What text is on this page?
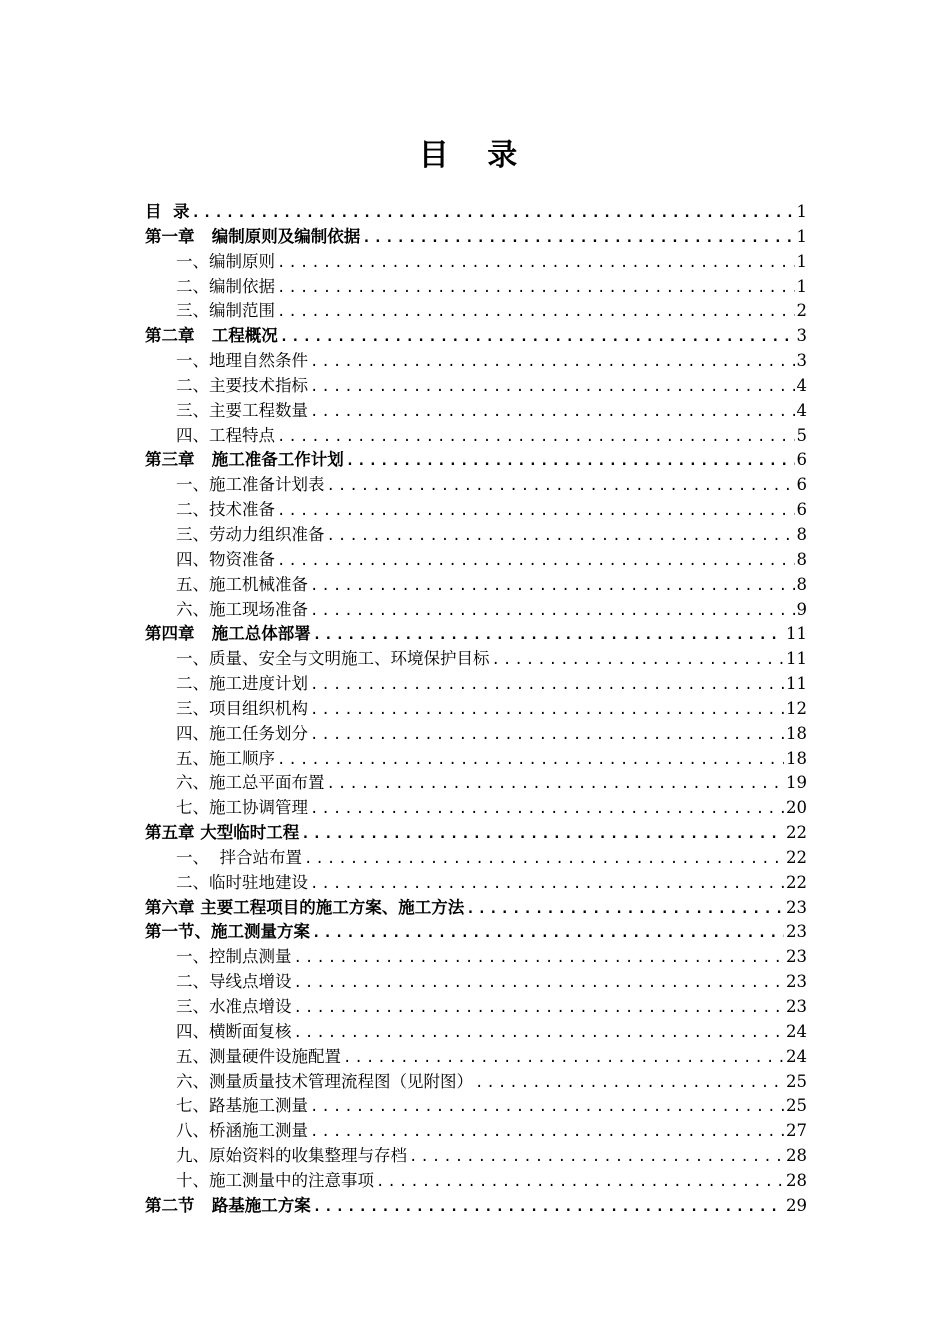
目 录
目  录 .....	1
第一章   编制原则及编制依据 .....	1
一、编制原则 .....	1
二、编制依据 .....	1
三、编制范围 .....	2
第二章   工程概况 .....	3
一、地理自然条件 .....	3
二、主要技术指标 .....	4
三、主要工程数量 .....	4
四、工程特点 .....	5
第三章   施工准备工作计划 .....	6
一、施工准备计划表 .....	6
二、技术准备 .....	6
三、劳动力组织准备 .....	8
四、物资准备 .....	8
五、施工机械准备 .....	8
六、施工现场准备 .....	9
第四章   施工总体部署 .....	11
一、质量、安全与文明施工、环境保护目标 .....	11
二、施工进度计划 .....	11
三、项目组织机构 .....	12
四、施工任务划分 .....	18
五、施工顺序 .....	18
六、施工总平面布置 .....	19
七、施工协调管理 .....	20
第五章 大型临时工程 .....	22
一、  拌合站布置 .....	22
二、临时驻地建设 .....	22
第六章 主要工程项目的施工方案、施工方法 .....	23
第一节、施工测量方案 .....	23
一、控制点测量 .....	23
二、导线点增设 .....	23
三、水准点增设 .....	23
四、横断面复核 .....	24
五、测量硬件设施配置 .....	24
六、测量质量技术管理流程图（见附图） .....	25
七、路基施工测量 .....	25
八、桥涵施工测量 .....	27
九、原始资料的收集整理与存档 .....	28
十、施工测量中的注意事项 .....	28
第二节   路基施工方案 .....	29
